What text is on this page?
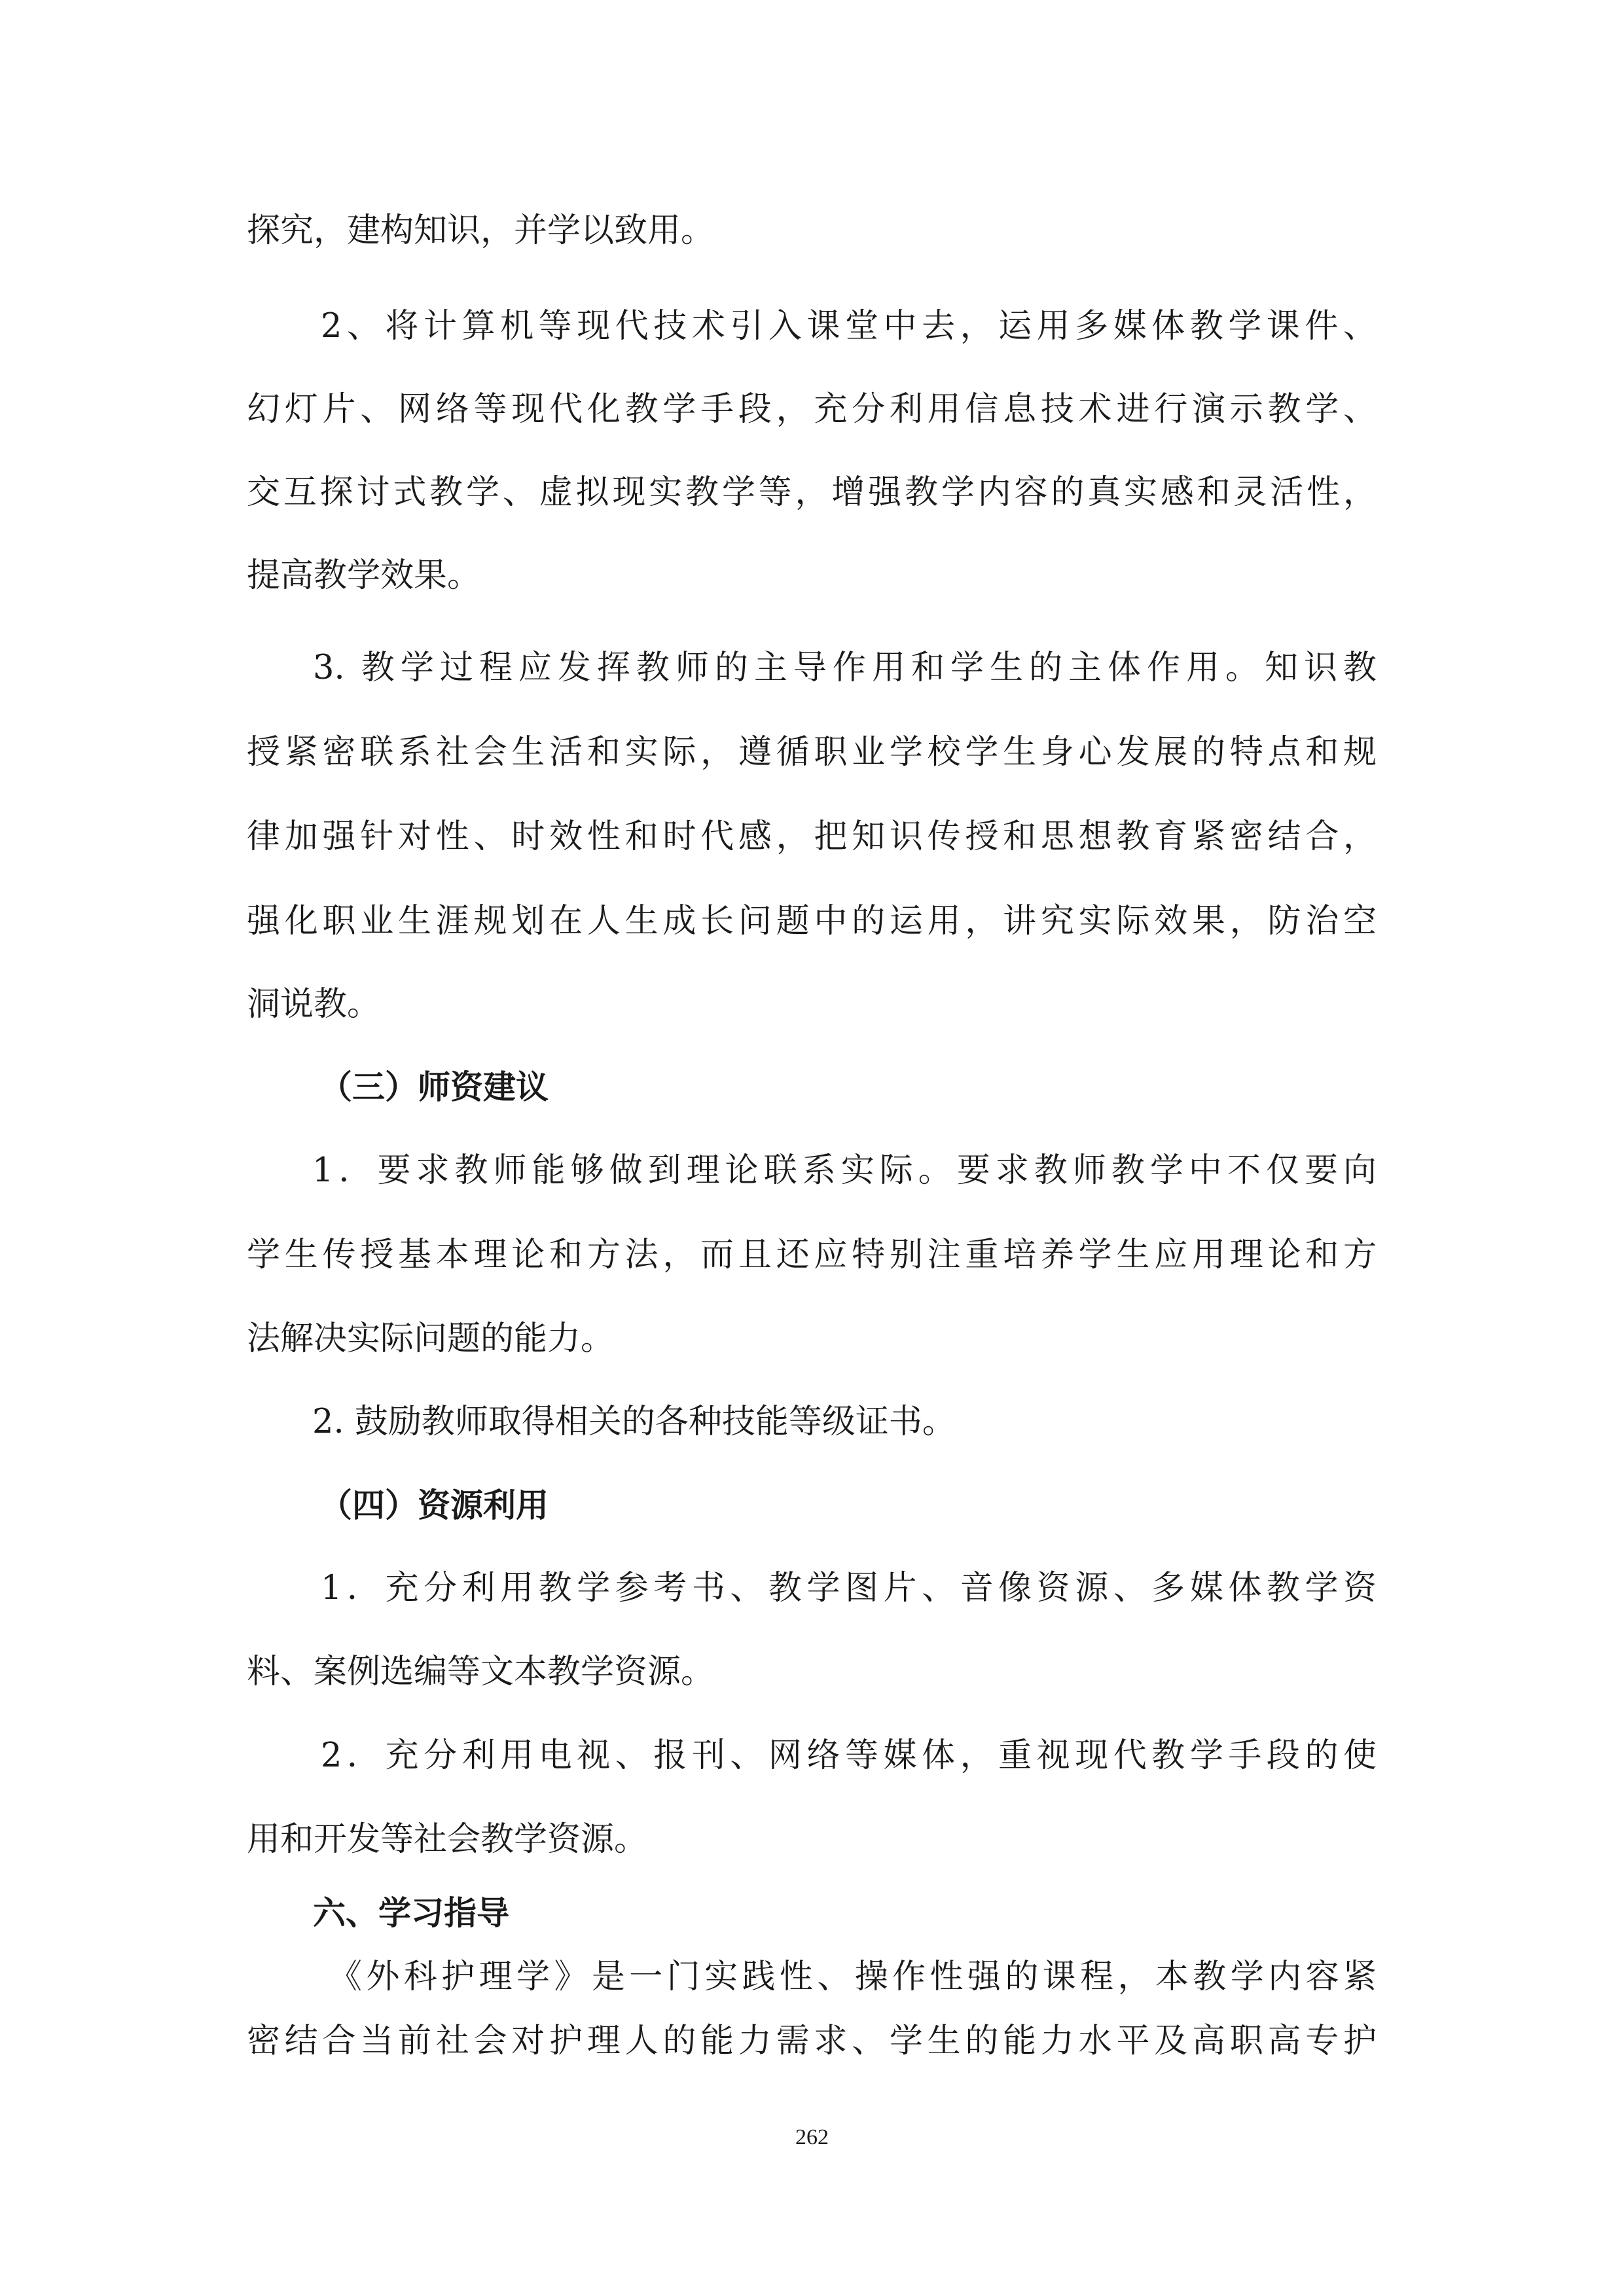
探究，建构知识，并学以致用。

2、将计算机等现代技术引入课堂中去，运用多媒体教学课件、

幻灯片、网络等现代化教学手段，充分利用信息技术进行演示教学、

交互探讨式教学、虚拟现实教学等，增强教学内容的真实感和灵活性，

提高教学效果。

3. 教学过程应发挥教师的主导作用和学生的主体作用。知识教

授紧密联系社会生活和实际，遵循职业学校学生身心发展的特点和规

律加强针对性、时效性和时代感，把知识传授和思想教育紧密结合，

强化职业生涯规划在人生成长问题中的运用，讲究实际效果，防治空

洞说教。

（三）师资建议

1．要求教师能够做到理论联系实际。要求教师教学中不仅要向

学生传授基本理论和方法，而且还应特别注重培养学生应用理论和方

法解决实际问题的能力。

2. 鼓励教师取得相关的各种技能等级证书。

（四）资源利用

1．充分利用教学参考书、教学图片、音像资源、多媒体教学资

料、案例选编等文本教学资源。

2．充分利用电视、报刊、网络等媒体，重视现代教学手段的使

用和开发等社会教学资源。

六、学习指导

《外科护理学》是一门实践性、操作性强的课程，本教学内容紧

密结合当前社会对护理人的能力需求、学生的能力水平及高职高专护

262
